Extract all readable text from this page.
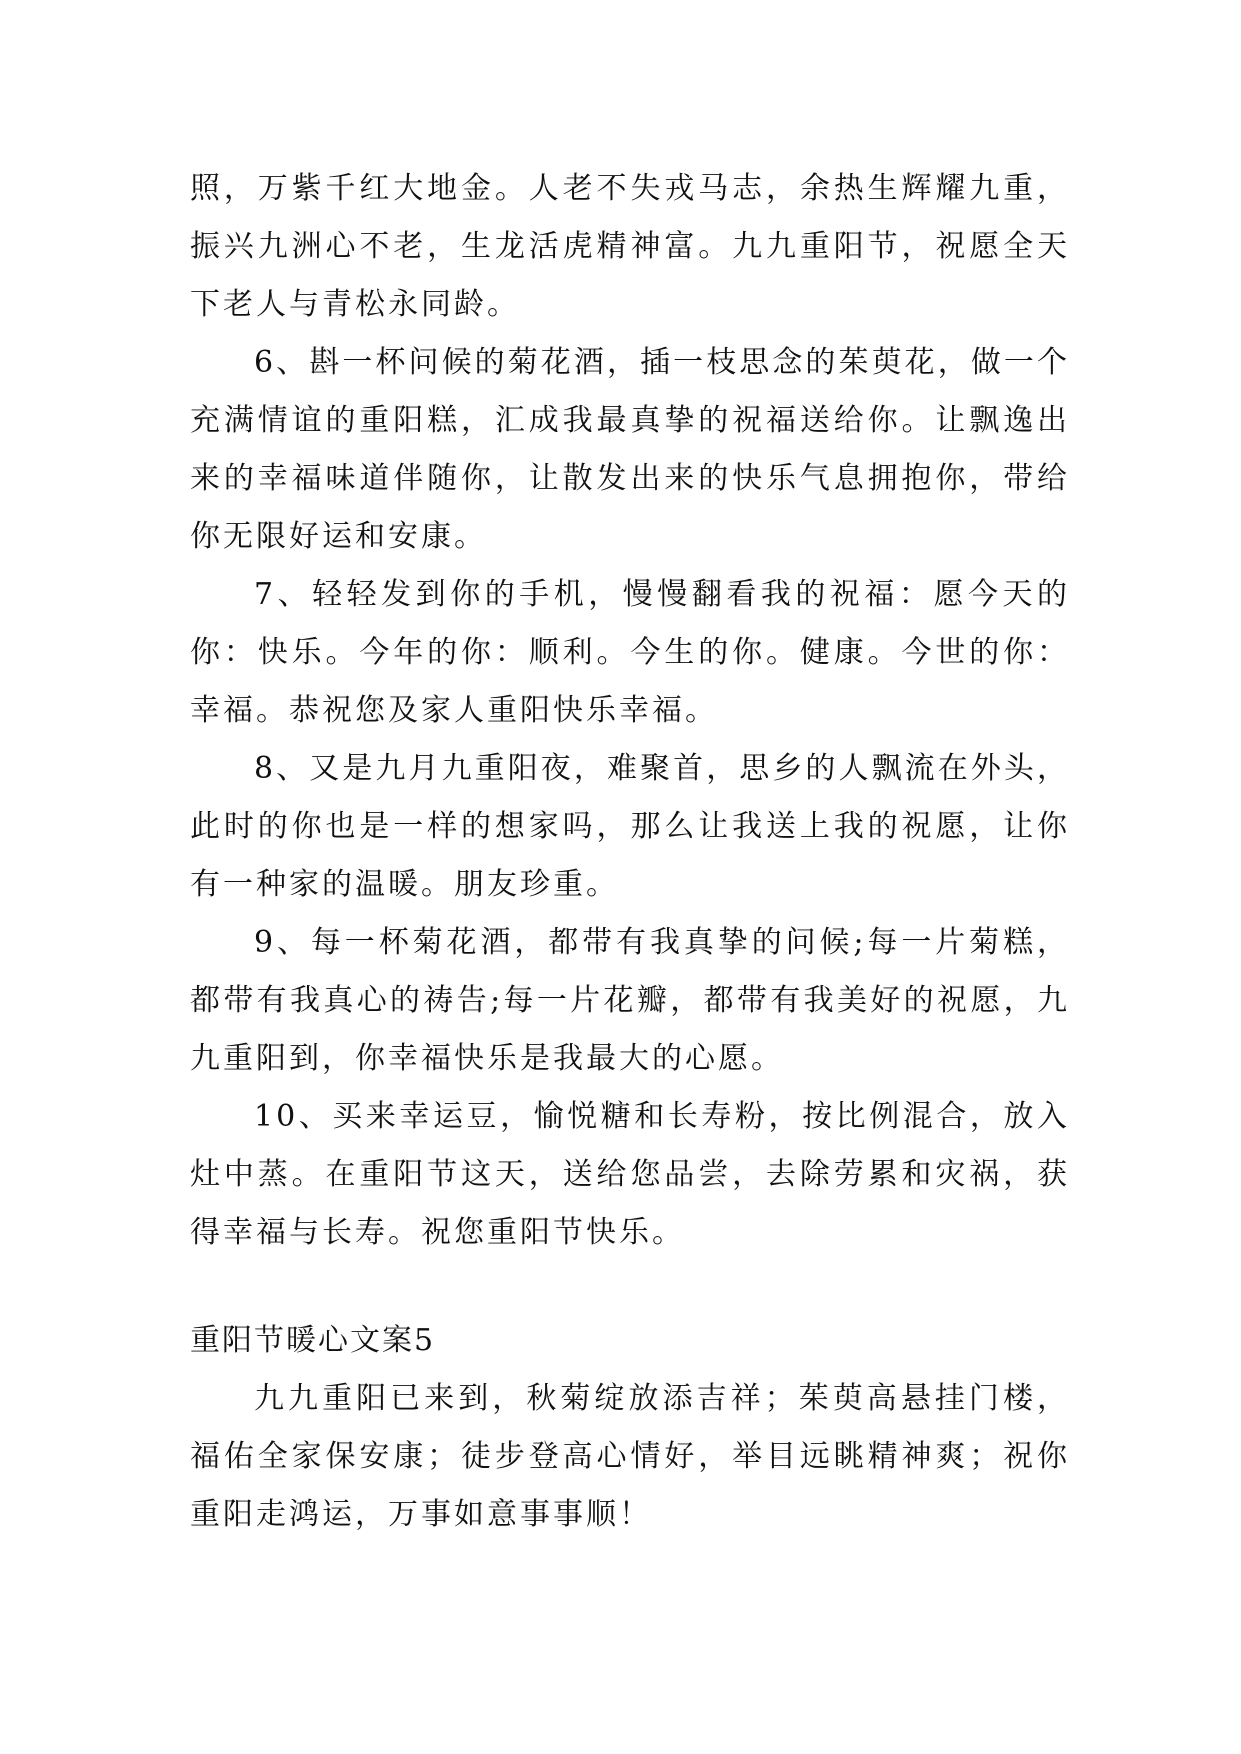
照，万紫千红大地金。人老不失戎马志，余热生辉耀九重，振兴九洲心不老，生龙活虎精神富。九九重阳节，祝愿全天下老人与青松永同龄。

6、斟一杯问候的菊花酒，插一枝思念的茱萸花，做一个充满情谊的重阳糕，汇成我最真挚的祝福送给你。让飘逸出来的幸福味道伴随你，让散发出来的快乐气息拥抱你，带给你无限好运和安康。

7、轻轻发到你的手机，慢慢翻看我的祝福：愿今天的你：快乐。今年的你：顺利。今生的你。健康。今世的你：幸福。恭祝您及家人重阳快乐幸福。

8、又是九月九重阳夜，难聚首，思乡的人飘流在外头，此时的你也是一样的想家吗，那么让我送上我的祝愿，让你有一种家的温暖。朋友珍重。

9、每一杯菊花酒，都带有我真挚的问候;每一片菊糕，都带有我真心的祷告;每一片花瓣，都带有我美好的祝愿，九九重阳到，你幸福快乐是我最大的心愿。

10、买来幸运豆，愉悦糖和长寿粉，按比例混合，放入灶中蒸。在重阳节这天，送给您品尝，去除劳累和灾祸，获得幸福与长寿。祝您重阳节快乐。

重阳节暖心文案5

九九重阳已来到，秋菊绽放添吉祥；茱萸高悬挂门楼，福佑全家保安康；徒步登高心情好，举目远眺精神爽；祝你重阳走鸿运，万事如意事事顺！
